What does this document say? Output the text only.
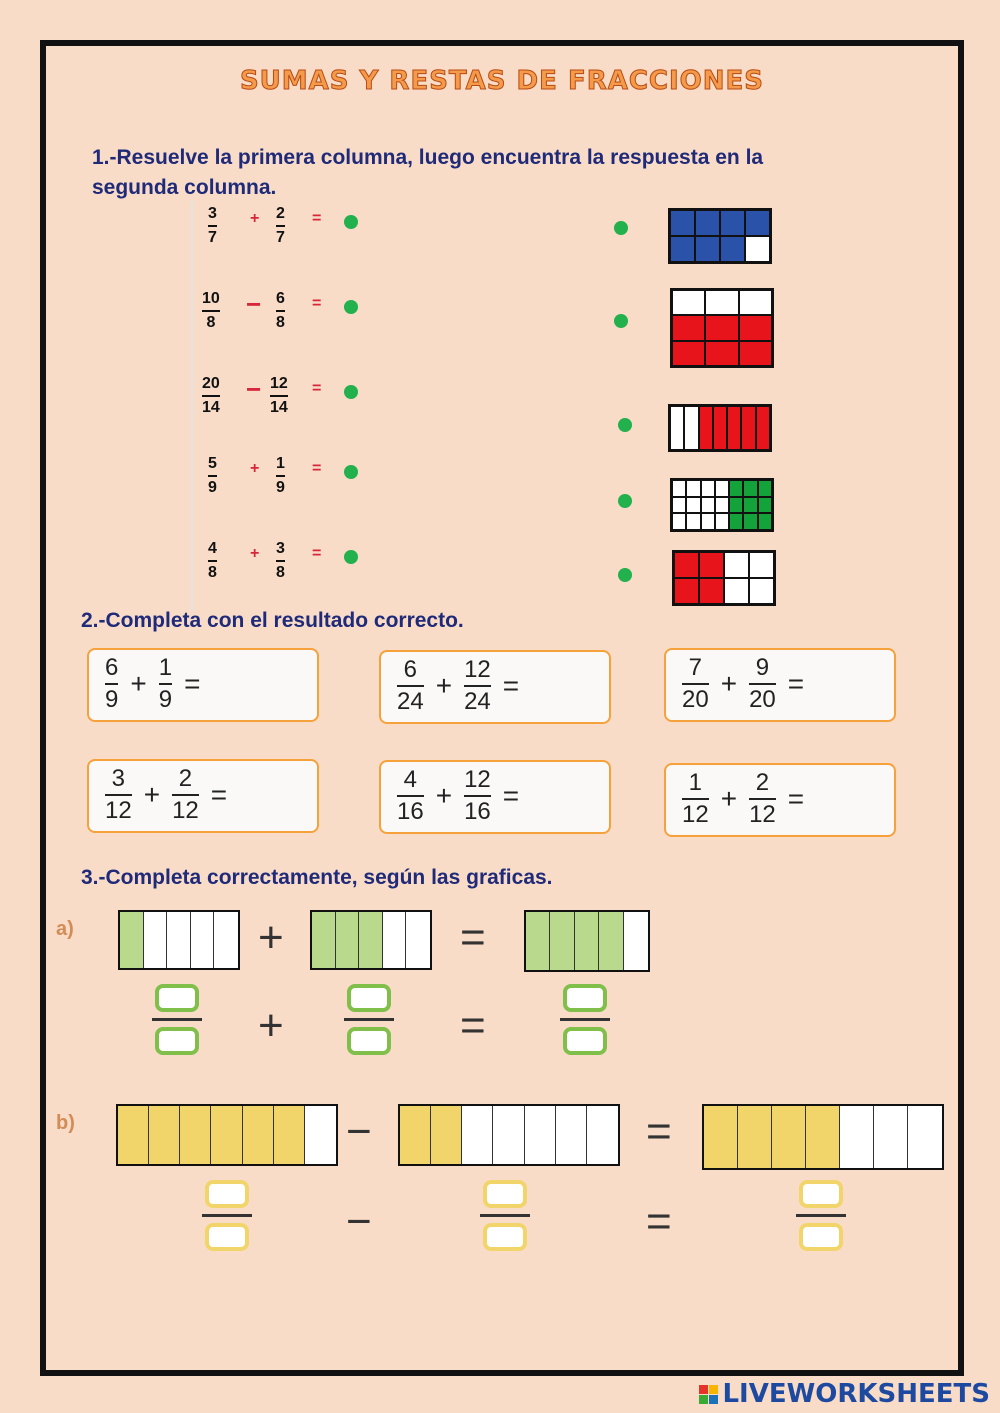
SUMAS Y RESTAS DE FRACCIONES
1.-Resuelve la primera columna, luego encuentra la respuesta en la
segunda columna.
3
7
+ 2
7
=
10
8
− 6
8
=
20
14
− 12
14
=
5
9
+ 1
9
=
4
8
+ 3
8
=
2.-Completa con el resultado correcto.
6
9
+
1
9
=	6
24
+
12
24
=
7
20
+
9
20
=
3
12
+
2
12
=	4
16
+
12
16
=	1
12
+
2
12
=
3.-Completa correctamente, según las graficas.
a)	+	=
+	=
b)	−	=
−	=
LIVEWORKSHEETS
